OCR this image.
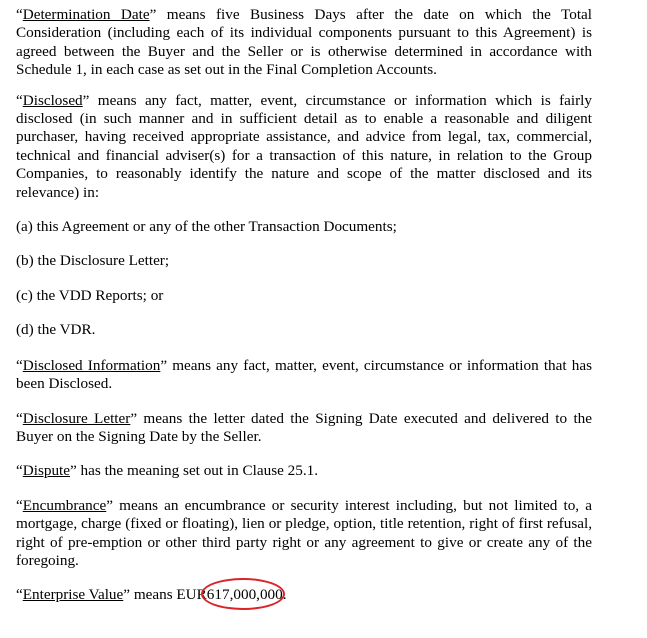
“Determination Date” means five Business Days after the date on which the Total Consideration (including each of its individual components pursuant to this Agreement) is agreed between the Buyer and the Seller or is otherwise determined in accordance with Schedule 1, in each case as set out in the Final Completion Accounts.

“Disclosed” means any fact, matter, event, circumstance or information which is fairly disclosed (in such manner and in sufficient detail as to enable a reasonable and diligent purchaser, having received appropriate assistance, and advice from legal, tax, commercial, technical and financial adviser(s) for a transaction of this nature, in relation to the Group Companies, to reasonably identify the nature and scope of the matter disclosed and its relevance) in:

(a) this Agreement or any of the other Transaction Documents;

(b) the Disclosure Letter;

(c) the VDD Reports; or

(d) the VDR.

“Disclosed Information” means any fact, matter, event, circumstance or information that has been Disclosed.

“Disclosure Letter” means the letter dated the Signing Date executed and delivered to the Buyer on the Signing Date by the Seller.

“Dispute” has the meaning set out in Clause 25.1.

“Encumbrance” means an encumbrance or security interest including, but not limited to, a mortgage, charge (fixed or floating), lien or pledge, option, title retention, right of first refusal, right of pre-emption or other third party right or any agreement to give or create any of the foregoing.

“Enterprise Value” means EUR617,000,000
.
